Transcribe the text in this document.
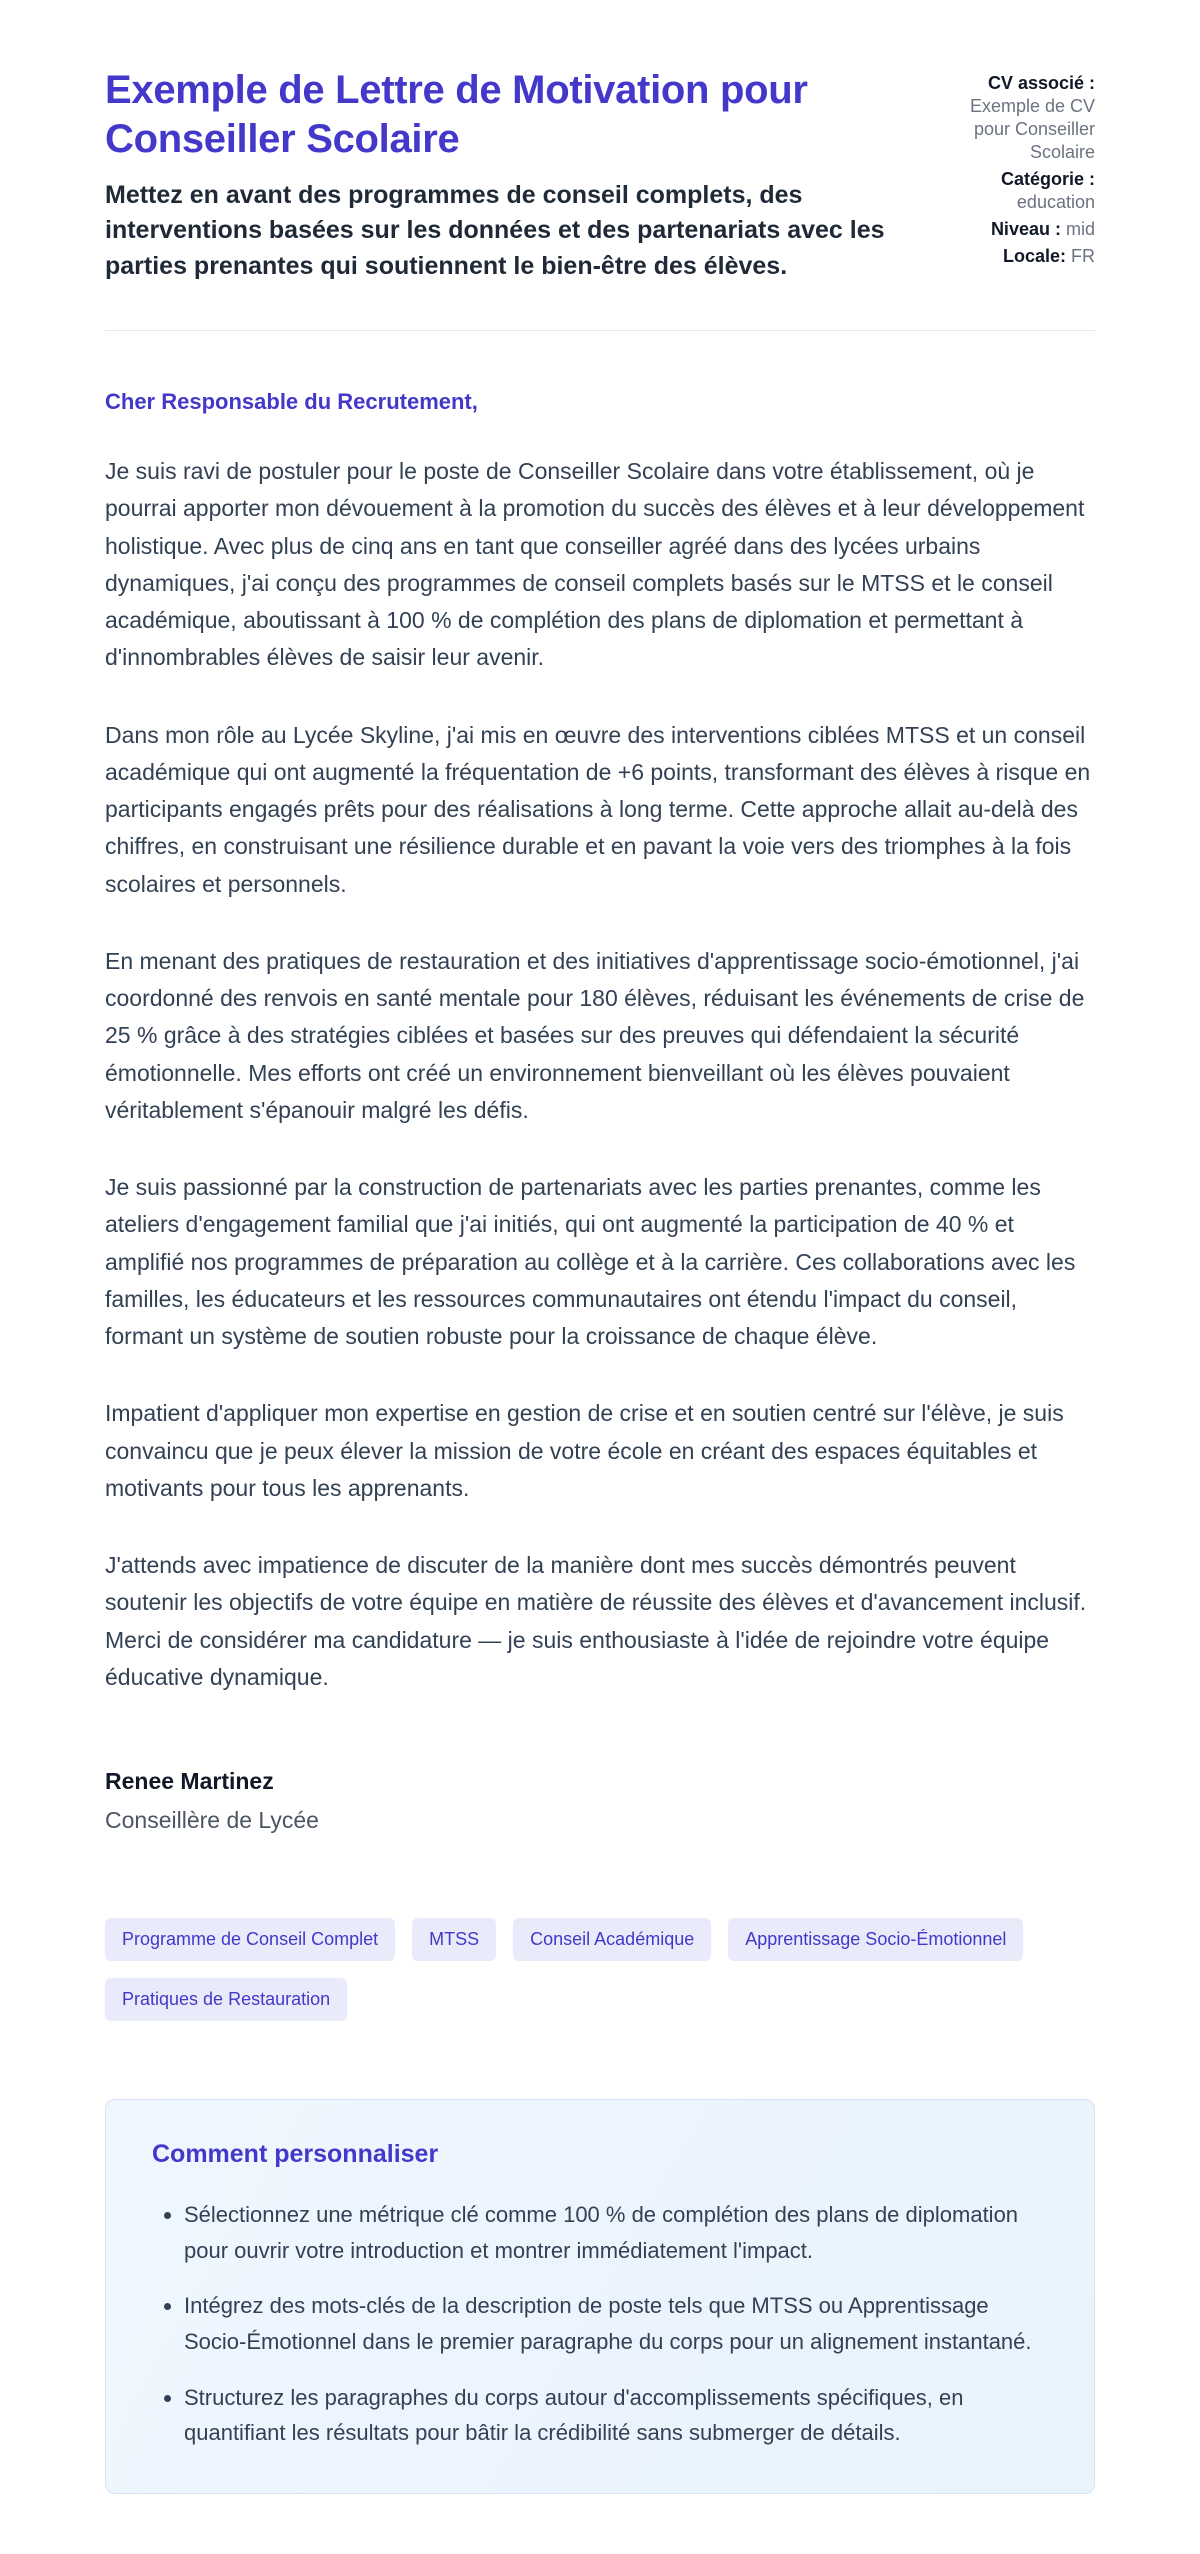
Exemple de Lettre de Motivation pour Conseiller Scolaire

Mettez en avant des programmes de conseil complets, des interventions basées sur les données et des partenariats avec les parties prenantes qui soutiennent le bien-être des élèves.

CV associé : Exemple de CV pour Conseiller Scolaire
Catégorie : education
Niveau : mid
Locale: FR

Cher Responsable du Recrutement,

Je suis ravi de postuler pour le poste de Conseiller Scolaire dans votre établissement, où je pourrai apporter mon dévouement à la promotion du succès des élèves et à leur développement holistique. Avec plus de cinq ans en tant que conseiller agréé dans des lycées urbains dynamiques, j'ai conçu des programmes de conseil complets basés sur le MTSS et le conseil académique, aboutissant à 100 % de complétion des plans de diplomation et permettant à d'innombrables élèves de saisir leur avenir.

Dans mon rôle au Lycée Skyline, j'ai mis en œuvre des interventions ciblées MTSS et un conseil académique qui ont augmenté la fréquentation de +6 points, transformant des élèves à risque en participants engagés prêts pour des réalisations à long terme. Cette approche allait au-delà des chiffres, en construisant une résilience durable et en pavant la voie vers des triomphes à la fois scolaires et personnels.

En menant des pratiques de restauration et des initiatives d'apprentissage socio-émotionnel, j'ai coordonné des renvois en santé mentale pour 180 élèves, réduisant les événements de crise de 25 % grâce à des stratégies ciblées et basées sur des preuves qui défendaient la sécurité émotionnelle. Mes efforts ont créé un environnement bienveillant où les élèves pouvaient véritablement s'épanouir malgré les défis.

Je suis passionné par la construction de partenariats avec les parties prenantes, comme les ateliers d'engagement familial que j'ai initiés, qui ont augmenté la participation de 40 % et amplifié nos programmes de préparation au collège et à la carrière. Ces collaborations avec les familles, les éducateurs et les ressources communautaires ont étendu l'impact du conseil, formant un système de soutien robuste pour la croissance de chaque élève.

Impatient d'appliquer mon expertise en gestion de crise et en soutien centré sur l'élève, je suis convaincu que je peux élever la mission de votre école en créant des espaces équitables et motivants pour tous les apprenants.

J'attends avec impatience de discuter de la manière dont mes succès démontrés peuvent soutenir les objectifs de votre équipe en matière de réussite des élèves et d'avancement inclusif. Merci de considérer ma candidature — je suis enthousiaste à l'idée de rejoindre votre équipe éducative dynamique.

Renee Martinez

Conseillère de Lycée

Programme de Conseil Complet	MTSS	Conseil Académique	Apprentissage Socio-Émotionnel
Pratiques de Restauration
Comment personnaliser
• Sélectionnez une métrique clé comme 100 % de complétion des plans de diplomation pour ouvrir votre introduction et montrer immédiatement l'impact.
• Intégrez des mots-clés de la description de poste tels que MTSS ou Apprentissage Socio-Émotionnel dans le premier paragraphe du corps pour un alignement instantané.
• Structurez les paragraphes du corps autour d'accomplissements spécifiques, en quantifiant les résultats pour bâtir la crédibilité sans submerger de détails.
